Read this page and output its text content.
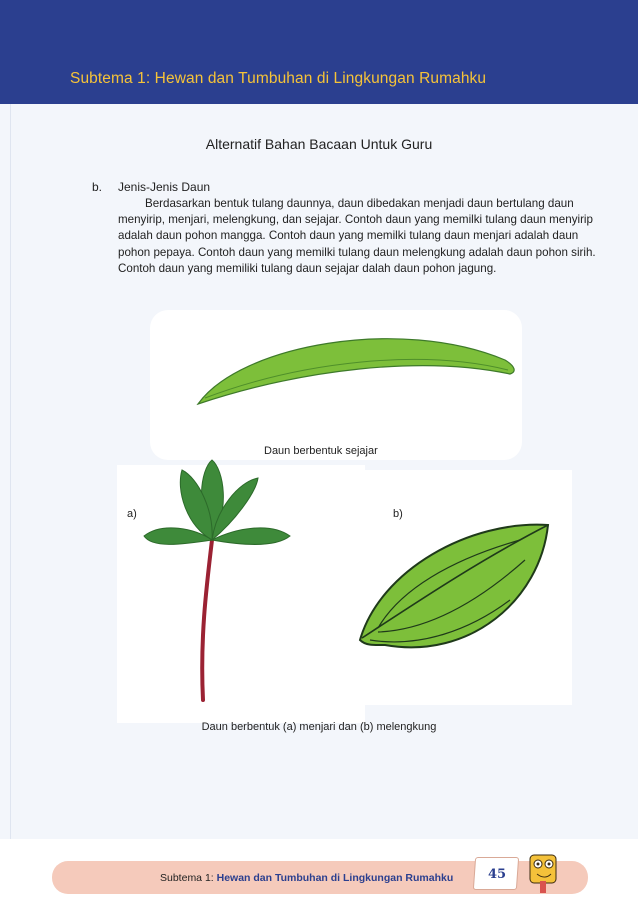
Subtema 1: Hewan dan Tumbuhan di Lingkungan Rumahku
Alternatif Bahan Bacaan Untuk Guru
b. Jenis-Jenis Daun
Berdasarkan bentuk tulang daunnya, daun dibedakan menjadi daun bertulang daun menyirip, menjari, melengkung, dan sejajar. Contoh daun yang memilki tulang daun menyirip adalah daun pohon mangga. Contoh daun yang memilki tulang daun menjari adalah daun pohon pepaya. Contoh daun yang memilki tulang daun melengkung adalah daun pohon sirih. Contoh daun yang memiliki tulang daun sejajar dalah daun pohon jagung.
Daun berbentuk sejajar
a)	b)
Daun berbentuk (a) menjari dan (b) melengkung
Subtema 1: Hewan dan Tumbuhan di Lingkungan Rumahku	45
